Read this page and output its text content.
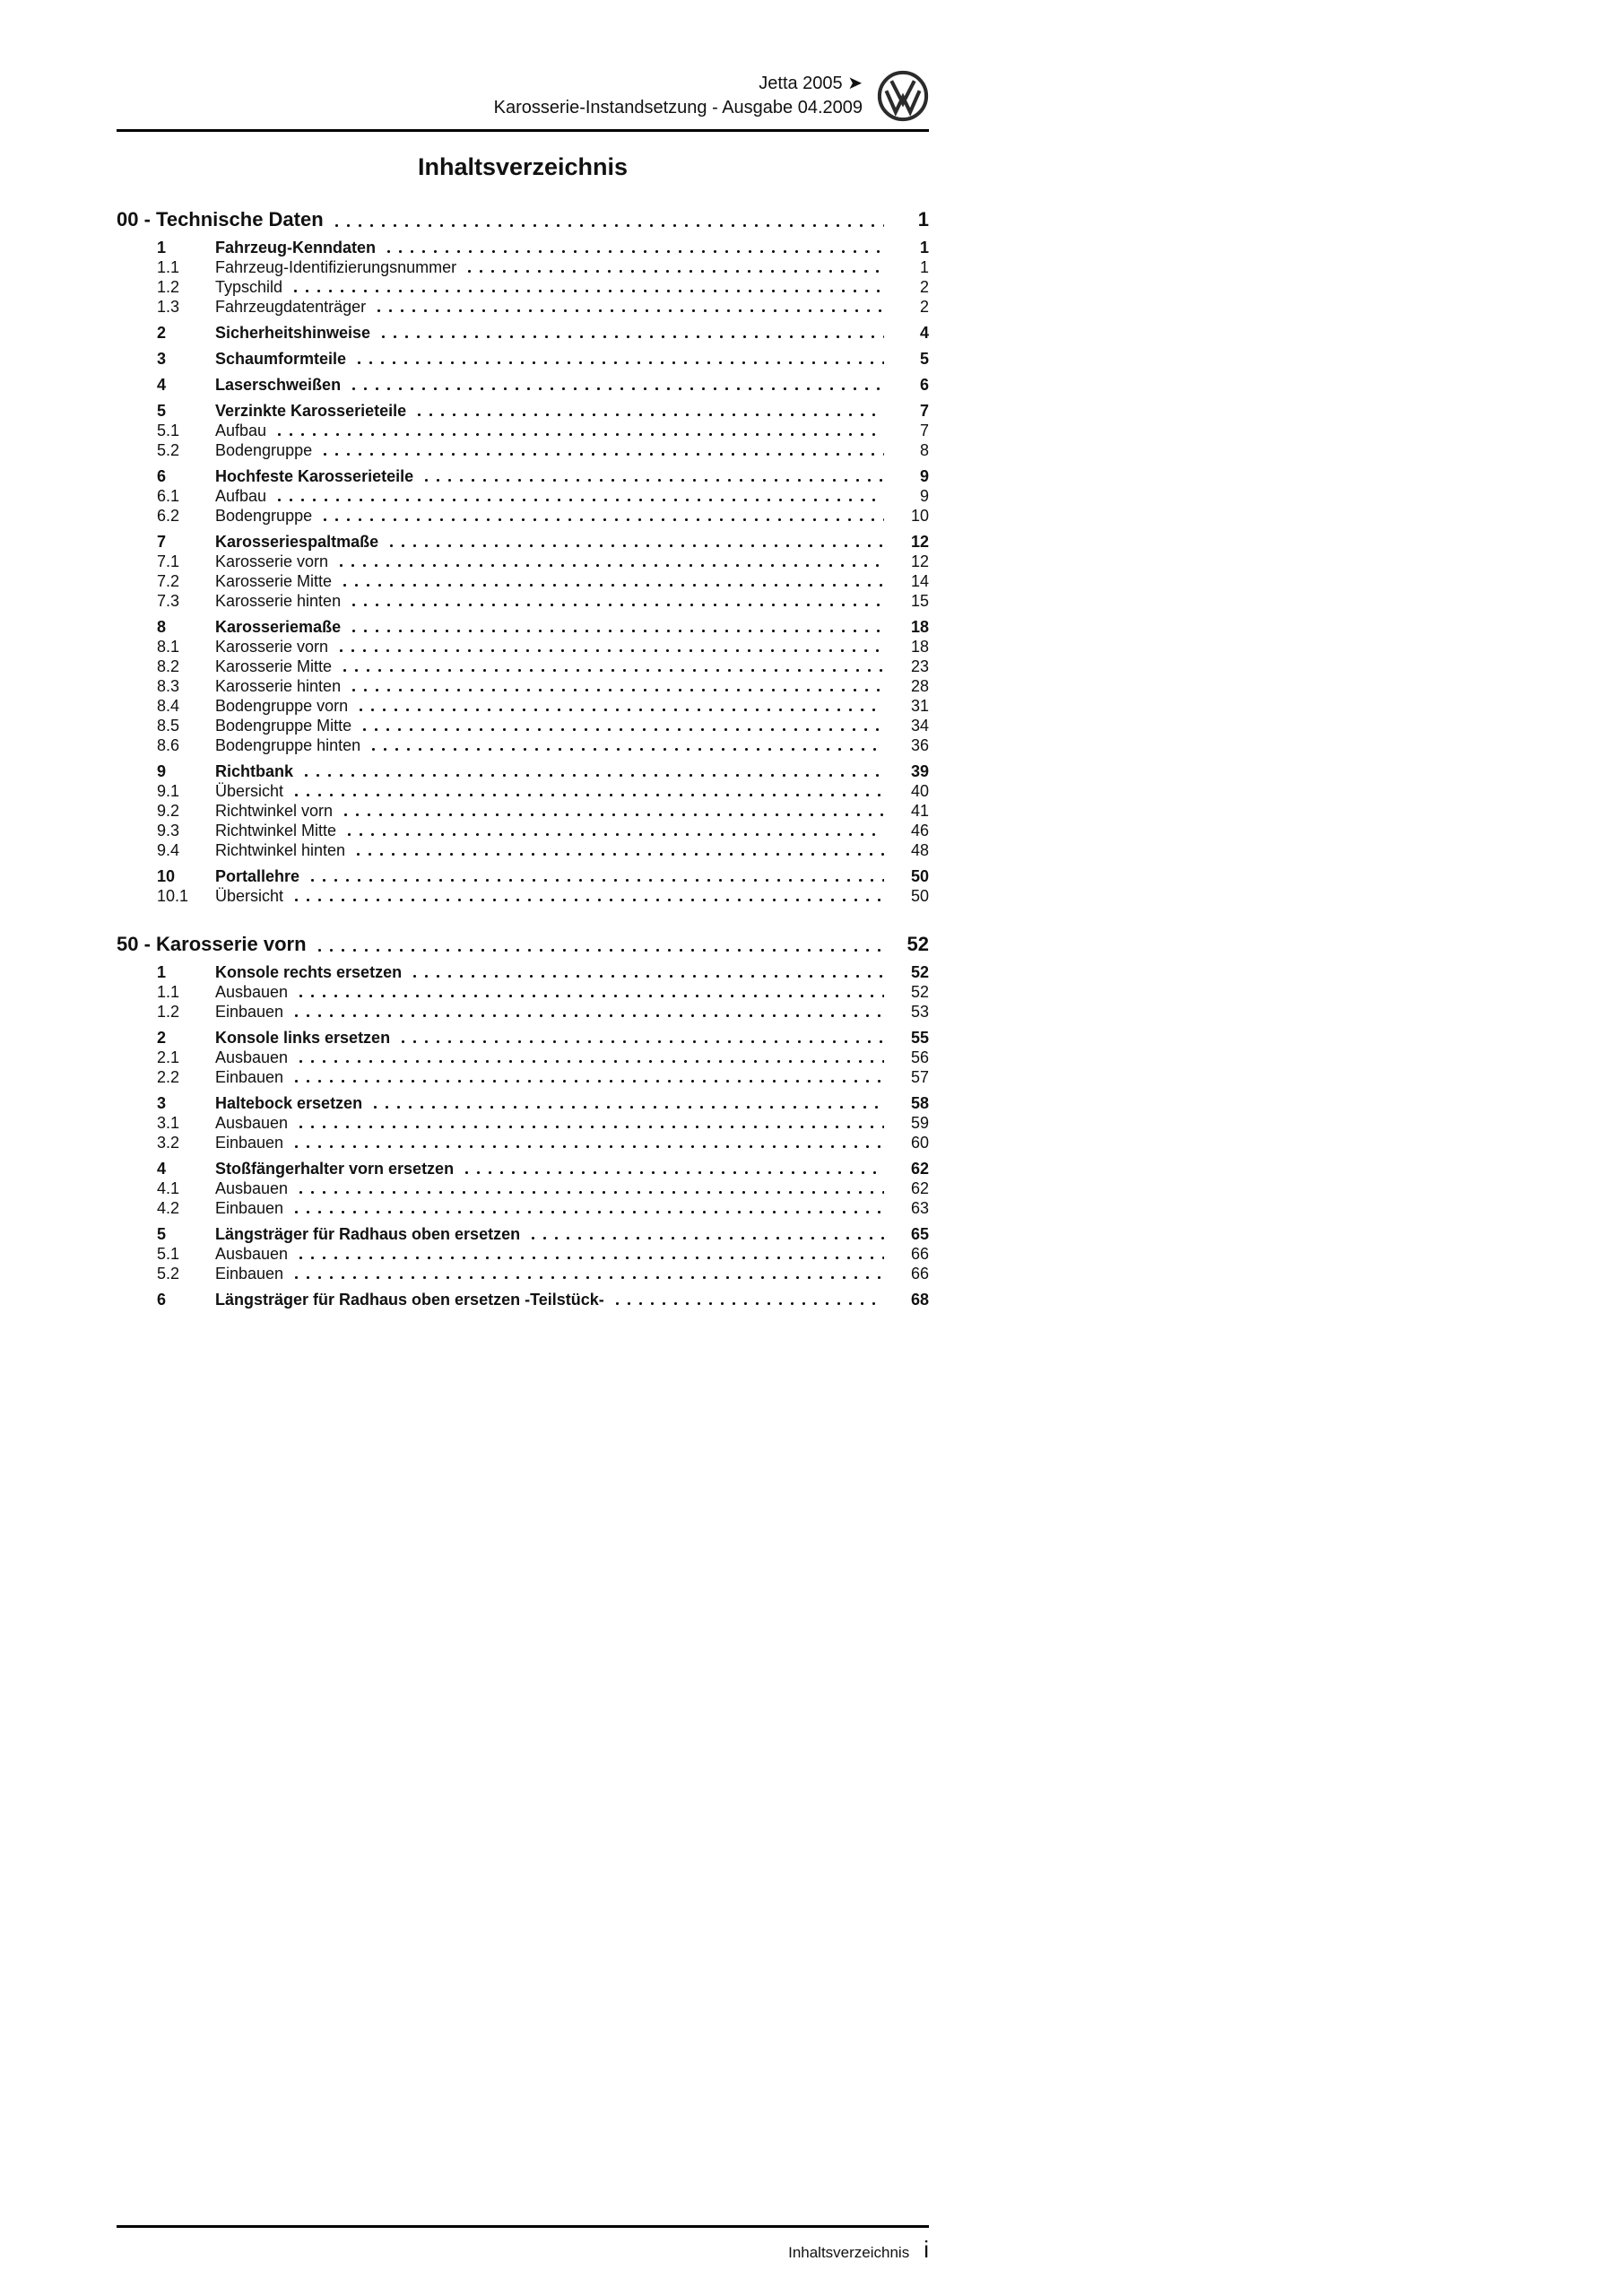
Jetta 2005 ➤
Karosserie-Instandsetzung - Ausgabe 04.2009
Inhaltsverzeichnis
00 - Technische Daten	1
1	Fahrzeug-Kenndaten	1
1.1	Fahrzeug-Identifizierungsnummer	1
1.2	Typschild	2
1.3	Fahrzeugdatenträger	2
2	Sicherheitshinweise	4
3	Schaumformteile	5
4	Laserschweißen	6
5	Verzinkte Karosserieteile	7
5.1	Aufbau	7
5.2	Bodengruppe	8
6	Hochfeste Karosserieteile	9
6.1	Aufbau	9
6.2	Bodengruppe	10
7	Karosseriespaltmaße	12
7.1	Karosserie vorn	12
7.2	Karosserie Mitte	14
7.3	Karosserie hinten	15
8	Karosseriemaße	18
8.1	Karosserie vorn	18
8.2	Karosserie Mitte	23
8.3	Karosserie hinten	28
8.4	Bodengruppe vorn	31
8.5	Bodengruppe Mitte	34
8.6	Bodengruppe hinten	36
9	Richtbank	39
9.1	Übersicht	40
9.2	Richtwinkel vorn	41
9.3	Richtwinkel Mitte	46
9.4	Richtwinkel hinten	48
10	Portallehre	50
10.1	Übersicht	50
50 - Karosserie vorn	52
1	Konsole rechts ersetzen	52
1.1	Ausbauen	52
1.2	Einbauen	53
2	Konsole links ersetzen	55
2.1	Ausbauen	56
2.2	Einbauen	57
3	Haltebock ersetzen	58
3.1	Ausbauen	59
3.2	Einbauen	60
4	Stoßfängerhalter vorn ersetzen	62
4.1	Ausbauen	62
4.2	Einbauen	63
5	Längsträger für Radhaus oben ersetzen	65
5.1	Ausbauen	66
5.2	Einbauen	66
6	Längsträger für Radhaus oben ersetzen -Teilstück-	68
Inhaltsverzeichnis i
